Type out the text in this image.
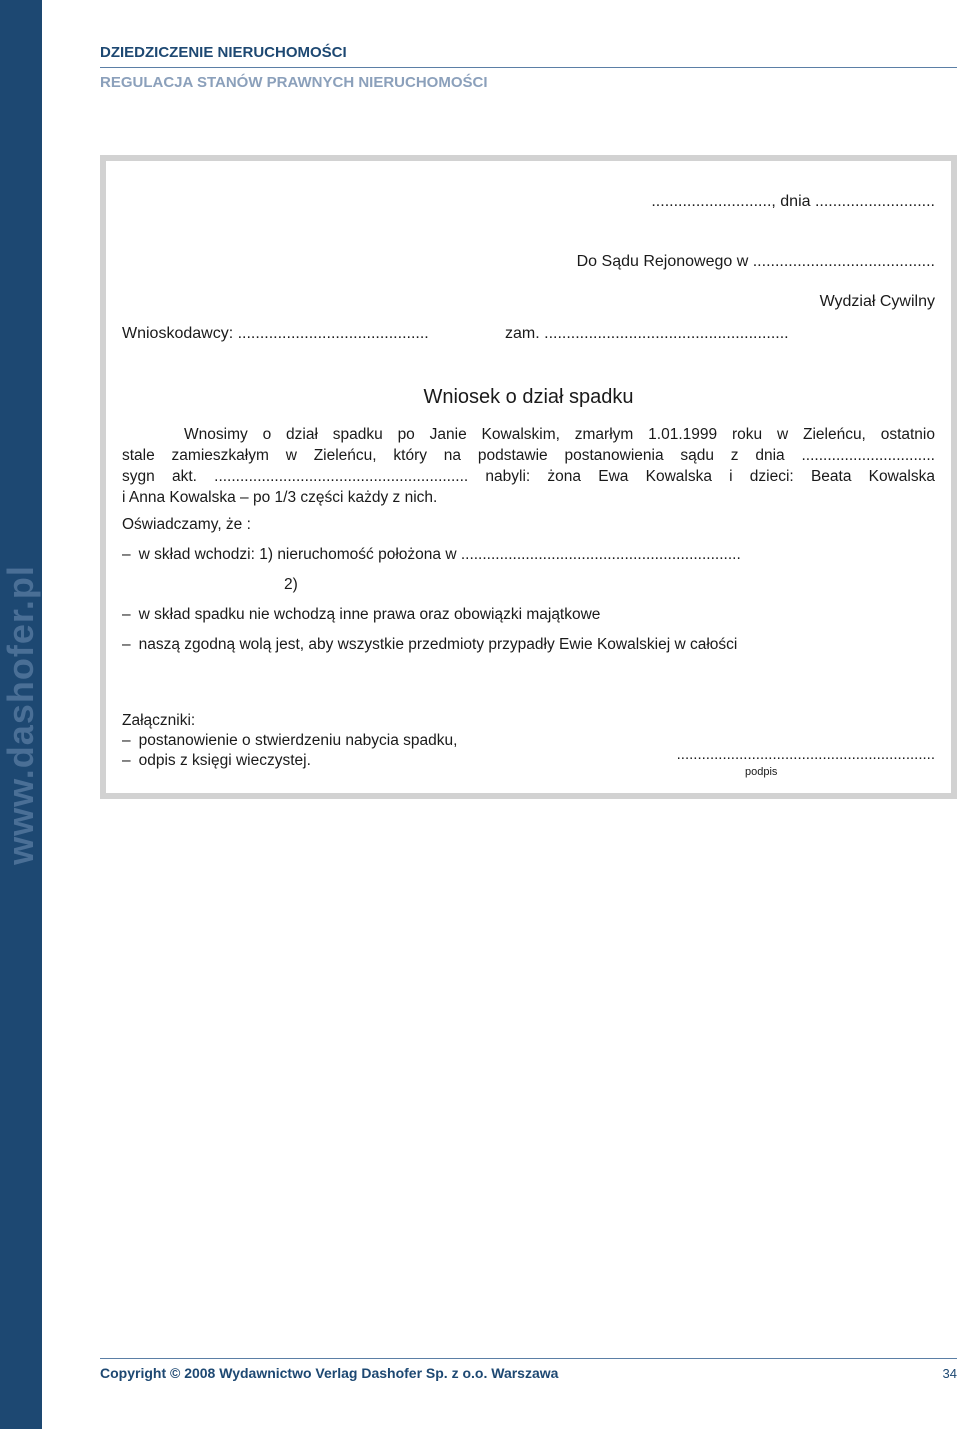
www.dashofer.pl
DZIEDZICZENIE NIERUCHOMOŚCI
REGULACJA STANÓW PRAWNYCH NIERUCHOMOŚCI
..........................., dnia ...........................
Do Sądu Rejonowego w .........................................
Wydział Cywilny
Wnioskodawcy: ...........................................	zam. .......................................................
Wniosek o dział spadku
Wnosimy o dział spadku po Janie Kowalskim, zmarłym 1.01.1999 roku w Zieleńcu, ostatnio
stale zamieszkałym w Zieleńcu, który na podstawie postanowienia sądu z dnia ...............................
sygn akt. ........................................................... nabyli: żona Ewa Kowalska i dzieci: Beata Kowalska
i Anna Kowalska – po 1/3 części każdy z nich.
Oświadczamy, że :
– w skład wchodzi: 1) nieruchomość położona w .................................................................
2)
– w skład spadku nie wchodzą inne prawa oraz obowiązki majątkowe
– naszą zgodną wolą jest, aby wszystkie przedmioty przypadły Ewie Kowalskiej w całości
Załączniki:
– postanowienie o stwierdzeniu nabycia spadku,
– odpis z księgi wieczystej.	..............................................................
podpis
Copyright © 2008 Wydawnictwo Verlag Dashofer Sp. z o.o. Warszawa	34
